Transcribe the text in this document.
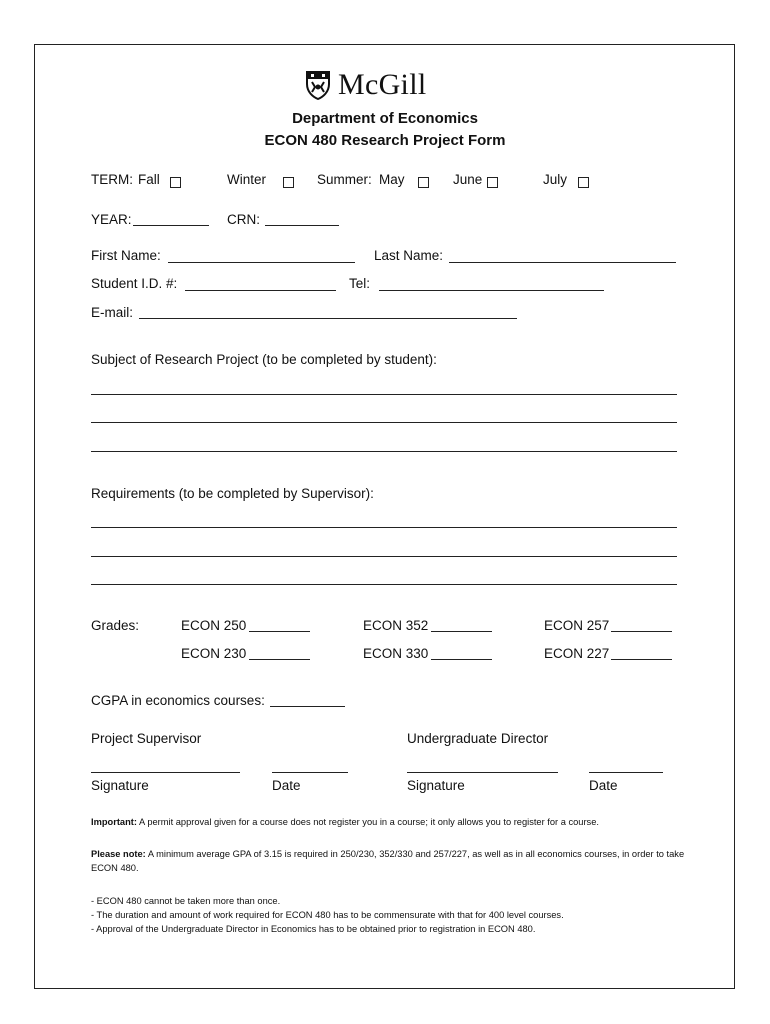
McGill
Department of Economics
ECON 480 Research Project Form
TERM: Fall	Winter	Summer: May	June	July
YEAR:	CRN:
First Name:	Last Name:
Student I.D. #:	Tel:
E-mail:
Subject of Research Project (to be completed by student):
Requirements (to be completed by Supervisor):
Grades:	ECON 250	ECON 352	ECON 257
ECON 230	ECON 330	ECON 227
CGPA in economics courses:
Project Supervisor	Undergraduate Director
Signature	Date	Signature	Date
Important: A permit approval given for a course does not register you in a course; it only allows you to register for a course.
Please note: A minimum average GPA of 3.15 is required in 250/230, 352/330 and 257/227, as well as in all economics courses, in order to take ECON 480.
- ECON 480 cannot be taken more than once.
- The duration and amount of work required for ECON 480 has to be commensurate with that for 400 level courses.
- Approval of the Undergraduate Director in Economics has to be obtained prior to registration in ECON 480.
